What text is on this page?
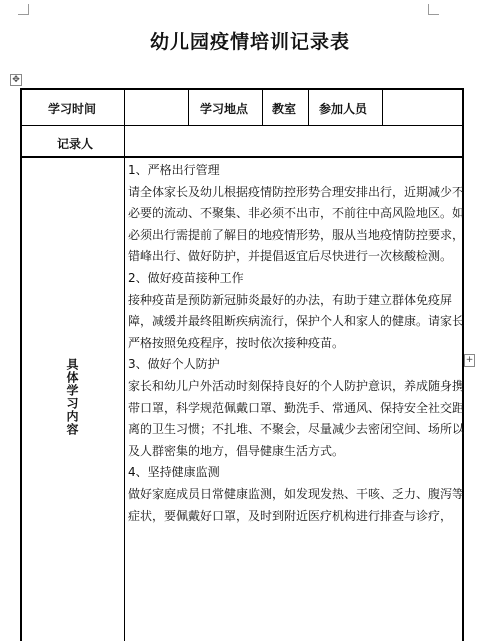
幼儿园疫情培训记录表
✥
学习时间	学习地点 教室 参加人员
记录人
具体学习内容
1、严格出行管理
请全体家长及幼儿根据疫情防控形势合理安排出行，近期减少不必要的流动、不聚集、非必须不出市，不前往中高风险地区。如必须出行需提前了解目的地疫情形势，服从当地疫情防控要求，错峰出行、做好防护，并提倡返宜后尽快进行一次核酸检测。
2、做好疫苗接种工作
接种疫苗是预防新冠肺炎最好的办法，有助于建立群体免疫屏障，减缓并最终阻断疾病流行，保护个人和家人的健康。请家长严格按照免疫程序，按时依次接种疫苗。
3、做好个人防护
家长和幼儿户外活动时刻保持良好的个人防护意识，养成随身携带口罩，科学规范佩戴口罩、勤洗手、常通风、保持安全社交距离的卫生习惯；不扎堆、不聚会，尽量减少去密闭空间、场所以及人群密集的地方，倡导健康生活方式。
4、坚持健康监测
做好家庭成员日常健康监测，如发现发热、干咳、乏力、腹泻等症状，要佩戴好口罩，及时到附近医疗机构进行排查与诊疗，
+
